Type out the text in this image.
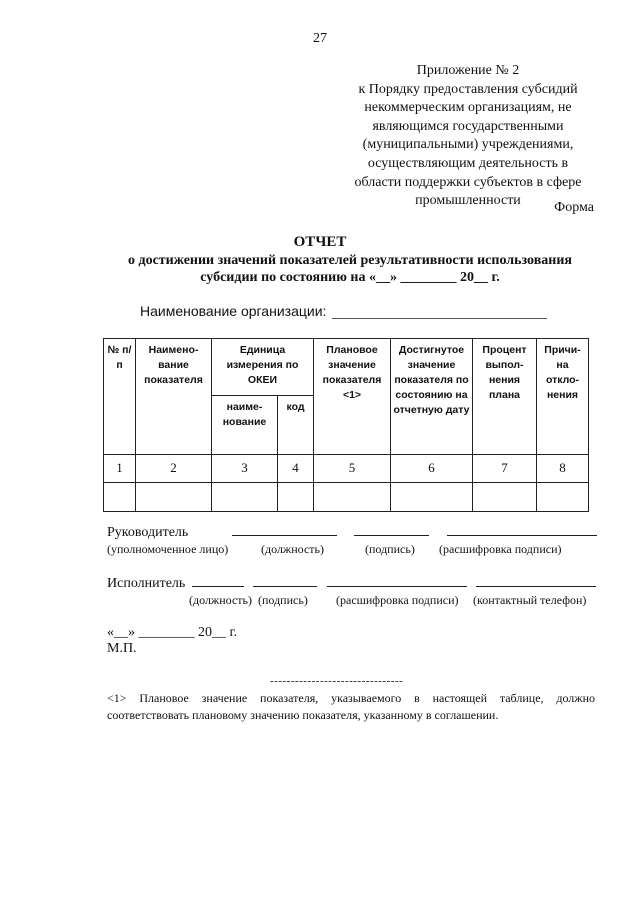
27
Приложение № 2
к Порядку предоставления субсидий
некоммерческим организациям, не
являющимся государственными
(муниципальными) учреждениями,
осуществляющим деятельность в
области поддержки субъектов в сфере
промышленности	Форма
ОТЧЕТ
о достижении значений показателей результативности использования
субсидии по состоянию на «__» ________ 20__ г.
Наименование организации:
№ п/п	Наимено-вание показателя	Единица измерения по ОКЕИ		Плановое значение показателя <1>	Достигнутое значение показателя по состоянию на отчетную дату	Процент выпол-нения плана	Причи-на откло-нения
		наиме-нование	код				
1	2	3	4	5	6	7	8

Руководитель
(уполномоченное лицо)	(должность)	(подпись) (расшифровка подписи)
Исполнитель
(должность) (подпись) (расшифровка подписи) (контактный телефон)
«__» ________ 20__ г.
М.П.
--------------------------------
<1> Плановое значение показателя, указываемого в настоящей таблице, должно соответствовать плановому значению показателя, указанному в соглашении.
